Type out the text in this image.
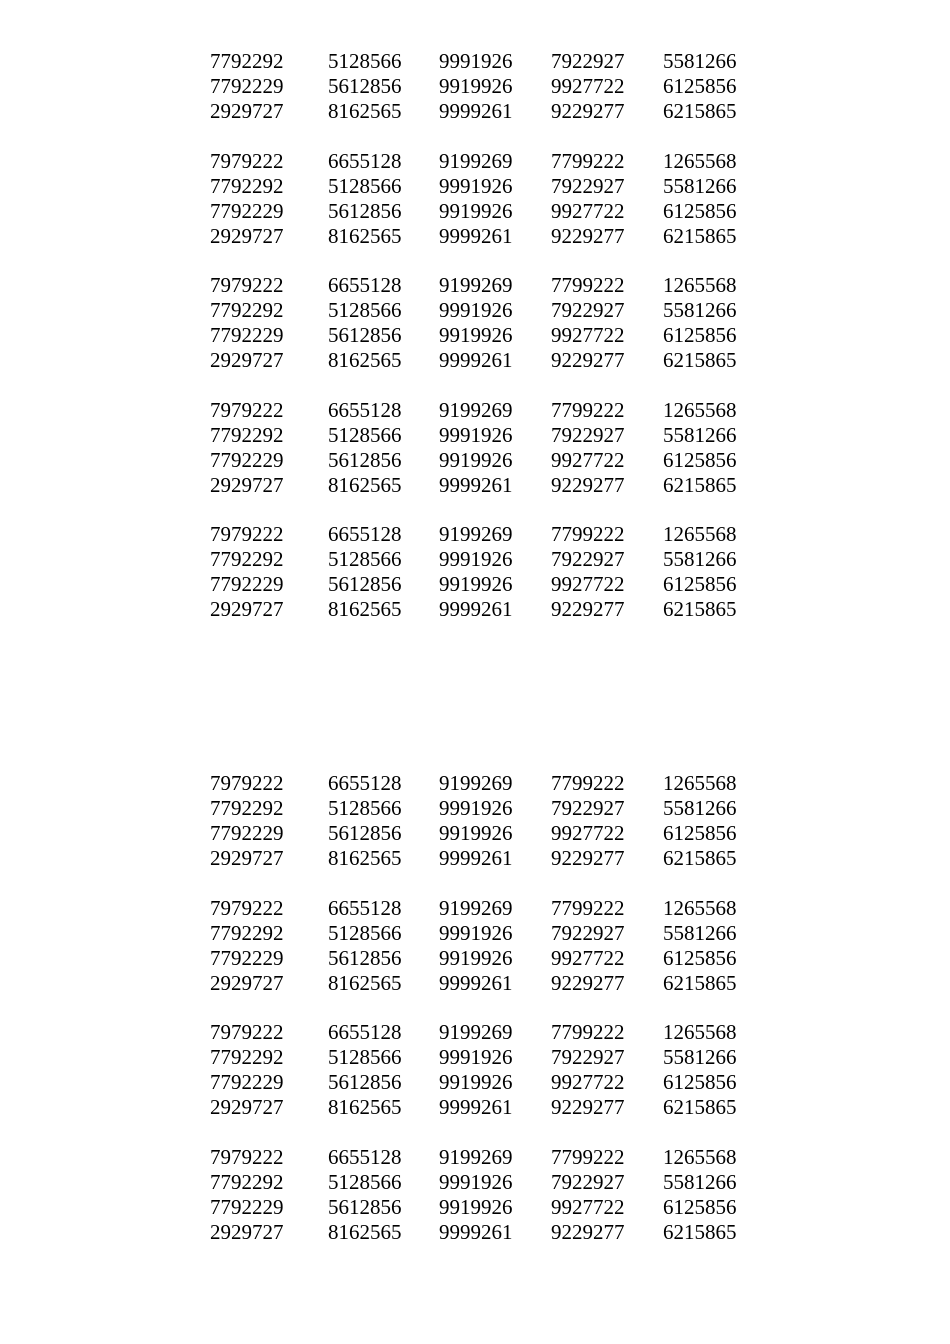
7792292 5128566 9991926 7922927 5581266
7792229 5612856 9919926 9927722 6125856
2929727 8162565 9999261 9229277 6215865
7979222 6655128 9199269 7799222 1265568
7792292 5128566 9991926 7922927 5581266
7792229 5612856 9919926 9927722 6125856
2929727 8162565 9999261 9229277 6215865
7979222 6655128 9199269 7799222 1265568
7792292 5128566 9991926 7922927 5581266
7792229 5612856 9919926 9927722 6125856
2929727 8162565 9999261 9229277 6215865
7979222 6655128 9199269 7799222 1265568
7792292 5128566 9991926 7922927 5581266
7792229 5612856 9919926 9927722 6125856
2929727 8162565 9999261 9229277 6215865
7979222 6655128 9199269 7799222 1265568
7792292 5128566 9991926 7922927 5581266
7792229 5612856 9919926 9927722 6125856
2929727 8162565 9999261 9229277 6215865
7979222 6655128 9199269 7799222 1265568
7792292 5128566 9991926 7922927 5581266
7792229 5612856 9919926 9927722 6125856
2929727 8162565 9999261 9229277 6215865
7979222 6655128 9199269 7799222 1265568
7792292 5128566 9991926 7922927 5581266
7792229 5612856 9919926 9927722 6125856
2929727 8162565 9999261 9229277 6215865
7979222 6655128 9199269 7799222 1265568
7792292 5128566 9991926 7922927 5581266
7792229 5612856 9919926 9927722 6125856
2929727 8162565 9999261 9229277 6215865
7979222 6655128 9199269 7799222 1265568
7792292 5128566 9991926 7922927 5581266
7792229 5612856 9919926 9927722 6125856
2929727 8162565 9999261 9229277 6215865
